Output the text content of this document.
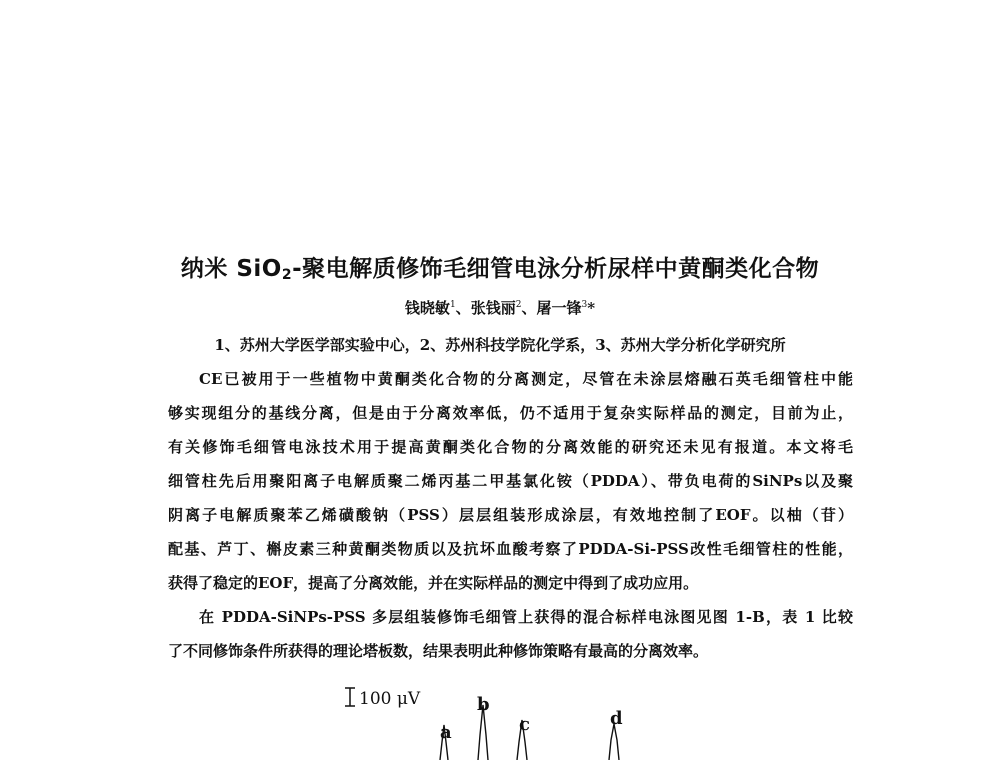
纳米 SiO$_2$-聚电解质修饰毛细管电泳分析尿样中黄酮类化合物
钱晓敏$^1$、张钱丽$^2$、屠一锋$^3$*
1、苏州大学医学部实验中心，2、苏州科技学院化学系，3、苏州大学分析化学研究所
CE已被用于一些植物中黄酮类化合物的分离测定，尽管在未涂层熔融石英毛细管柱中能
够实现组分的基线分离，但是由于分离效率低，仍不适用于复杂实际样品的测定，目前为止，
有关修饰毛细管电泳技术用于提高黄酮类化合物的分离效能的研究还未见有报道。本文将毛
细管柱先后用聚阳离子电解质聚二烯丙基二甲基氯化铵（PDDA）、带负电荷的SiNPs以及聚
阴离子电解质聚苯乙烯磺酸钠（PSS）层层组装形成涂层，有效地控制了EOF。以柚（苷）
配基、芦丁、槲皮素三种黄酮类物质以及抗坏血酸考察了PDDA-Si-PSS改性毛细管柱的性能，
获得了稳定的EOF，提高了分离效能，并在实际样品的测定中得到了成功应用。
在 PDDA-SiNPs-PSS 多层组装修饰毛细管上获得的混合标样电泳图见图 1-B，表 1 比较
了不同修饰条件所获得的理论塔板数，结果表明此种修饰策略有最高的分离效率。
100 μV
a
b
c	d
